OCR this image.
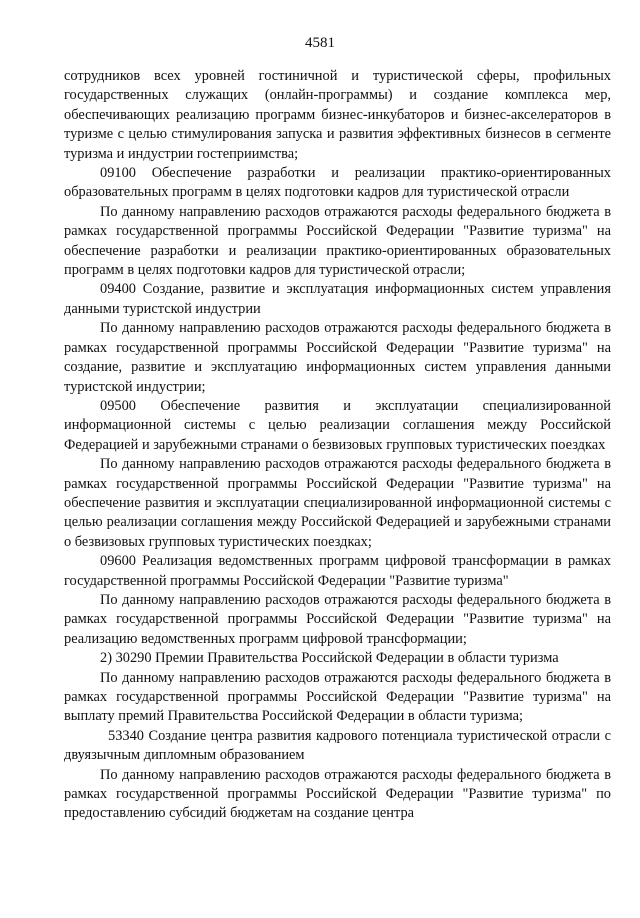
4581

сотрудников всех уровней гостиничной и туристической сферы, профильных государственных служащих (онлайн-программы) и создание комплекса мер, обеспечивающих реализацию программ бизнес-инкубаторов и бизнес-акселераторов в туризме с целью стимулирования запуска и развития эффективных бизнесов в сегменте туризма и индустрии гостеприимства;

09100 Обеспечение разработки и реализации практико-ориентированных образовательных программ в целях подготовки кадров для туристической отрасли

По данному направлению расходов отражаются расходы федерального бюджета в рамках государственной программы Российской Федерации "Развитие туризма" на обеспечение разработки и реализации практико-ориентированных образовательных программ в целях подготовки кадров для туристической отрасли;

09400 Создание, развитие и эксплуатация информационных систем управления данными туристской индустрии

По данному направлению расходов отражаются расходы федерального бюджета в рамках государственной программы Российской Федерации "Развитие туризма" на создание, развитие и эксплуатацию информационных систем управления данными туристской индустрии;

09500 Обеспечение развития и эксплуатации специализированной информационной системы с целью реализации соглашения между Российской Федерацией и зарубежными странами о безвизовых групповых туристических поездках

По данному направлению расходов отражаются расходы федерального бюджета в рамках государственной программы Российской Федерации "Развитие туризма" на обеспечение развития и эксплуатации специализированной информационной системы с целью реализации соглашения между Российской Федерацией и зарубежными странами о безвизовых групповых туристических поездках;

09600 Реализация ведомственных программ цифровой трансформации в рамках государственной программы Российской Федерации "Развитие туризма"

По данному направлению расходов отражаются расходы федерального бюджета в рамках государственной программы Российской Федерации "Развитие туризма" на реализацию ведомственных программ цифровой трансформации;

2) 30290 Премии Правительства Российской Федерации в области туризма

По данному направлению расходов отражаются расходы федерального бюджета в рамках государственной программы Российской Федерации "Развитие туризма" на выплату премий Правительства Российской Федерации в области туризма;

53340 Создание центра развития кадрового потенциала туристической отрасли с двуязычным дипломным образованием

По данному направлению расходов отражаются расходы федерального бюджета в рамках государственной программы Российской Федерации "Развитие туризма" по предоставлению субсидий бюджетам на создание центра
